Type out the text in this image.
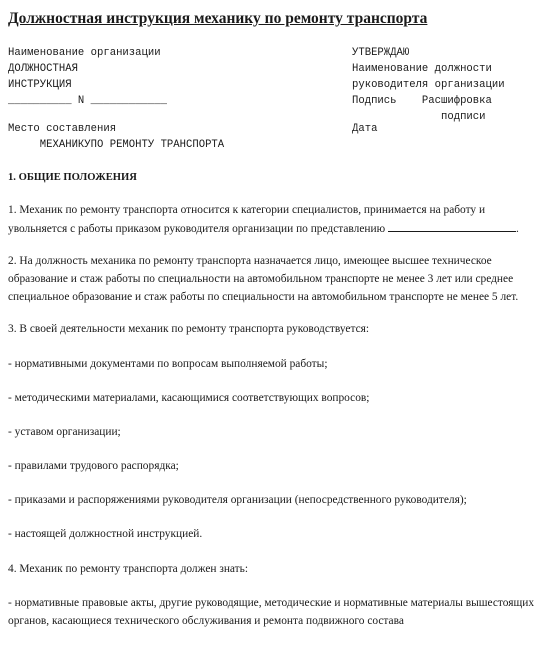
Должностная инструкция механику по ремонту транспорта
Наименование организации
ДОЛЖНОСТНАЯ
ИНСТРУКЦИЯ
__________ N ____________
УТВЕРЖДАЮ
Наименование должности
руководителя организации
Подпись    Расшифровка
подписи
Место составления
МЕХАНИКУПО РЕМОНТУ ТРАНСПОРТА
Дата
1. ОБЩИЕ ПОЛОЖЕНИЯ
1. Механик по ремонту транспорта относится к категории специалистов, принимается на работу и увольняется с работы приказом руководителя организации по представлению	.
2. На должность механика по ремонту транспорта назначается лицо, имеющее высшее техническое образование и стаж работы по специальности на автомобильном транспорте не менее 3 лет или среднее специальное образование и стаж работы по специальности на автомобильном транспорте не менее 5 лет.
3. В своей деятельности механик по ремонту транспорта руководствуется:
- нормативными документами по вопросам выполняемой работы;
- методическими материалами, касающимися соответствующих вопросов;
- уставом организации;
- правилами трудового распорядка;
- приказами и распоряжениями руководителя организации (непосредственного руководителя);
- настоящей должностной инструкцией.
4. Механик по ремонту транспорта должен знать:
- нормативные правовые акты, другие руководящие, методические и нормативные материалы вышестоящих органов, касающиеся технического обслуживания и ремонта подвижного состава
